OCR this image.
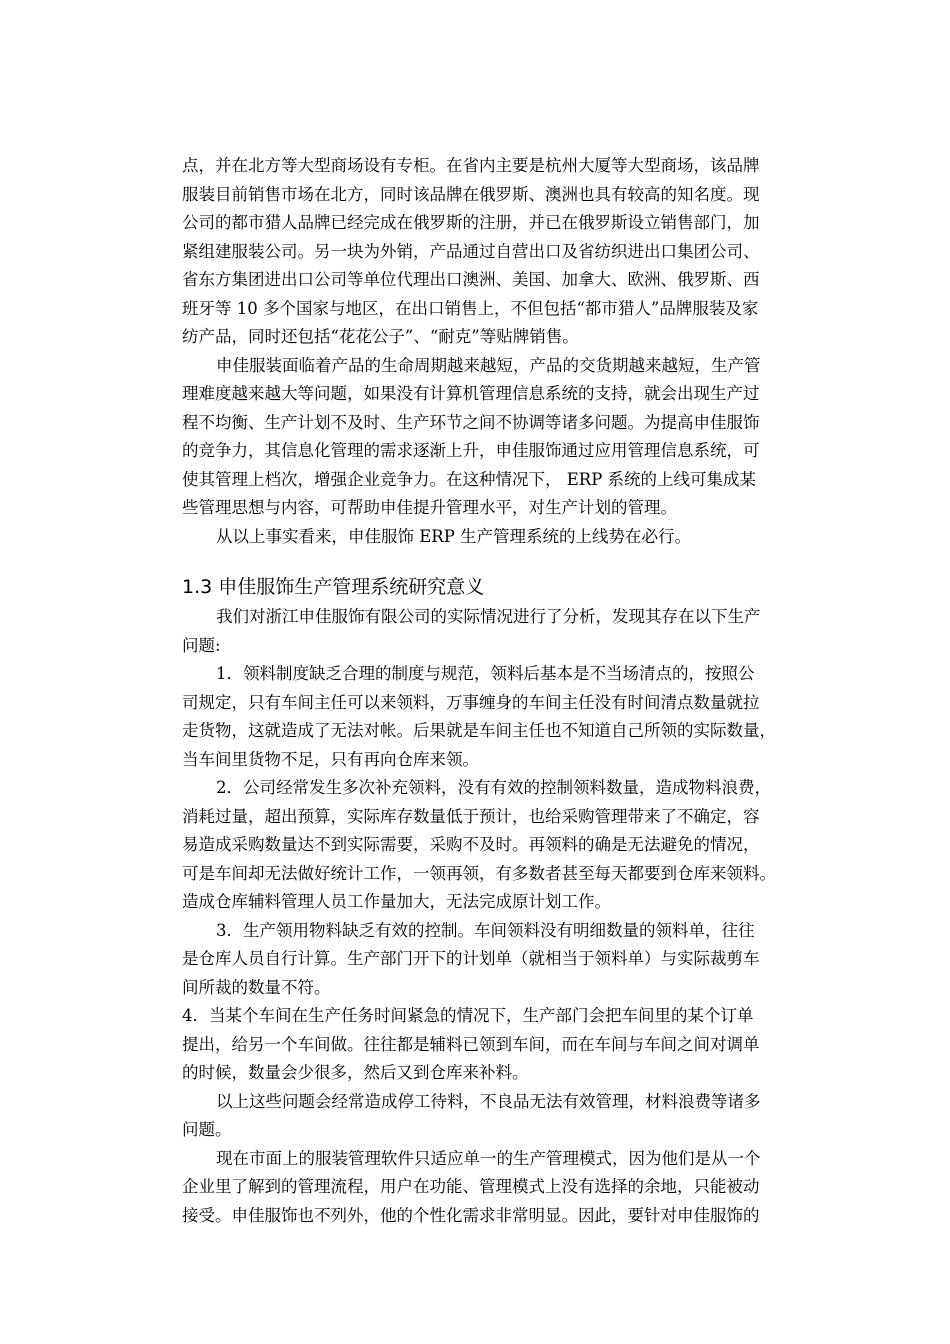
点，并在北方等大型商场设有专柜。在省内主要是杭州大厦等大型商场，该品牌
服装目前销售市场在北方，同时该品牌在俄罗斯、澳洲也具有较高的知名度。现
公司的都市猎人品牌已经完成在俄罗斯的注册，并已在俄罗斯设立销售部门，加
紧组建服装公司。另一块为外销，产品通过自营出口及省纺织进出口集团公司、
省东方集团进出口公司等单位代理出口澳洲、美国、加拿大、欧洲、俄罗斯、西
班牙等 10 多个国家与地区，在出口销售上，不但包括“都市猎人”品牌服装及家
纺产品，同时还包括“花花公子”、“耐克”等贴牌销售。
申佳服装面临着产品的生命周期越来越短，产品的交货期越来越短，生产管
理难度越来越大等问题，如果没有计算机管理信息系统的支持，就会出现生产过
程不均衡、生产计划不及时、生产环节之间不协调等诸多问题。为提高申佳服饰
的竞争力，其信息化管理的需求逐渐上升，申佳服饰通过应用管理信息系统，可
使其管理上档次，增强企业竞争力。在这种情况下， ERP 系统的上线可集成某
些管理思想与内容，可帮助申佳提升管理水平，对生产计划的管理。
从以上事实看来，申佳服饰 ERP 生产管理系统的上线势在必行。
1.3 申佳服饰生产管理系统研究意义
我们对浙江申佳服饰有限公司的实际情况进行了分析，发现其存在以下生产
问题:
1．领料制度缺乏合理的制度与规范，领料后基本是不当场清点的，按照公
司规定，只有车间主任可以来领料，万事缠身的车间主任没有时间清点数量就拉
走货物，这就造成了无法对帐。后果就是车间主任也不知道自己所领的实际数量，
当车间里货物不足，只有再向仓库来领。
2．公司经常发生多次补充领料，没有有效的控制领料数量，造成物料浪费，
消耗过量，超出预算，实际库存数量低于预计，也给采购管理带来了不确定，容
易造成采购数量达不到实际需要，采购不及时。再领料的确是无法避免的情况，
可是车间却无法做好统计工作，一领再领，有多数者甚至每天都要到仓库来领料。
造成仓库辅料管理人员工作量加大，无法完成原计划工作。
3．生产领用物料缺乏有效的控制。车间领料没有明细数量的领料单，往往
是仓库人员自行计算。生产部门开下的计划单（就相当于领料单）与实际裁剪车
间所裁的数量不符。
4．当某个车间在生产任务时间紧急的情况下，生产部门会把车间里的某个订单
提出，给另一个车间做。往往都是辅料已领到车间，而在车间与车间之间对调单
的时候，数量会少很多，然后又到仓库来补料。
以上这些问题会经常造成停工待料，不良品无法有效管理，材料浪费等诸多
问题。
现在市面上的服装管理软件只适应单一的生产管理模式，因为他们是从一个
企业里了解到的管理流程，用户在功能、管理模式上没有选择的余地，只能被动
接受。申佳服饰也不列外，他的个性化需求非常明显。因此，要针对申佳服饰的
